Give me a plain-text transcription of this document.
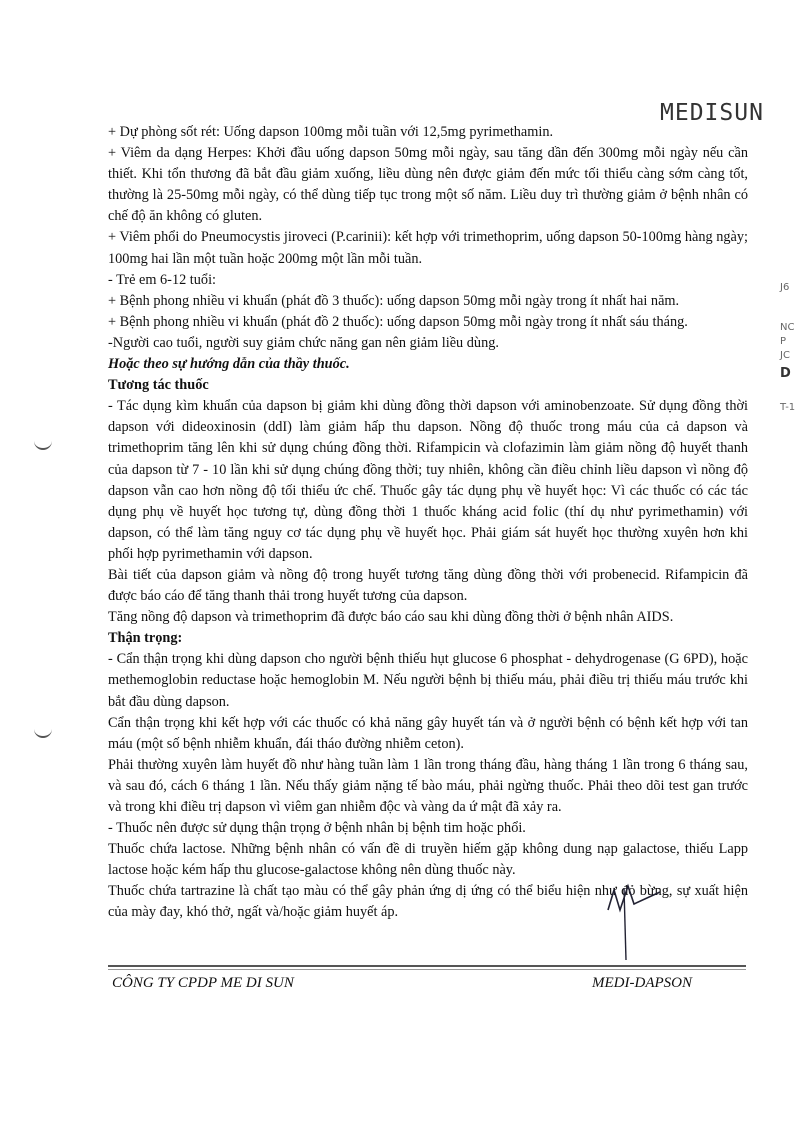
MEDISUN

+ Dự phòng sốt rét: Uống dapson 100mg mỗi tuần với 12,5mg pyrimethamin.

+ Viêm da dạng Herpes: Khởi đầu uống dapson 50mg mỗi ngày, sau tăng dần đến 300mg mỗi ngày nếu cần thiết. Khi tổn thương đã bắt đầu giảm xuống, liều dùng nên được giảm đến mức tối thiểu càng sớm càng tốt, thường là 25-50mg mỗi ngày, có thể dùng tiếp tục trong một số năm. Liều duy trì thường giảm ở bệnh nhân có chế độ ăn không có gluten.

+ Viêm phổi do Pneumocystis jiroveci (P.carinii): kết hợp với trimethoprim, uống dapson 50-100mg hàng ngày; 100mg hai lần một tuần hoặc 200mg một lần mỗi tuần.

- Trẻ em 6-12 tuổi:

+ Bệnh phong nhiều vi khuẩn (phát đồ 3 thuốc): uống dapson 50mg mỗi ngày trong ít nhất hai năm.

+ Bệnh phong nhiều vi khuẩn (phát đồ 2 thuốc): uống dapson 50mg mỗi ngày trong ít nhất sáu tháng.

-Người cao tuổi, người suy giảm chức năng gan nên giảm liều dùng.

Hoặc theo sự hướng dẫn của thầy thuốc.

Tương tác thuốc

- Tác dụng kìm khuẩn của dapson bị giảm khi dùng đồng thời dapson với aminobenzoate. Sử dụng đồng thời dapson với dideoxinosin (ddI) làm giảm hấp thu dapson. Nồng độ thuốc trong máu của cả dapson và trimethoprim tăng lên khi sử dụng chúng đồng thời. Rifampicin và clofazimin làm giảm nồng độ huyết thanh của dapson từ 7 - 10 lần khi sử dụng chúng đồng thời; tuy nhiên, không cần điều chỉnh liều dapson vì nồng độ dapson vẫn cao hơn nồng độ tối thiểu ức chế. Thuốc gây tác dụng phụ về huyết học: Vì các thuốc có các tác dụng phụ về huyết học tương tự, dùng đồng thời 1 thuốc kháng acid folic (thí dụ như pyrimethamin) với dapson, có thể làm tăng nguy cơ tác dụng phụ về huyết học. Phải giám sát huyết học thường xuyên hơn khi phối hợp pyrimethamin với dapson.

Bài tiết của dapson giảm và nồng độ trong huyết tương tăng dùng đồng thời với probenecid. Rifampicin đã được báo cáo để tăng thanh thải trong huyết tương của dapson.

Tăng nồng độ dapson và trimethoprim đã được báo cáo sau khi dùng đồng thời ở bệnh nhân AIDS.

Thận trọng:

- Cẩn thận trọng khi dùng dapson cho người bệnh thiếu hụt glucose 6 phosphat - dehydrogenase (G 6PD), hoặc methemoglobin reductase hoặc hemoglobin M. Nếu người bệnh bị thiếu máu, phải điều trị thiếu máu trước khi bắt đầu dùng dapson.

Cẩn thận trọng khi kết hợp với các thuốc có khả năng gây huyết tán và ở người bệnh có bệnh kết hợp với tan máu (một số bệnh nhiễm khuẩn, đái tháo đường nhiễm ceton).

Phải thường xuyên làm huyết đồ như hàng tuần làm 1 lần trong tháng đầu, hàng tháng 1 lần trong 6 tháng sau, và sau đó, cách 6 tháng 1 lần. Nếu thấy giảm nặng tế bào máu, phải ngừng thuốc. Phải theo dõi test gan trước và trong khi điều trị dapson vì viêm gan nhiễm độc và vàng da ứ mật đã xảy ra.

- Thuốc nên được sử dụng thận trọng ở bệnh nhân bị bệnh tim hoặc phổi.

Thuốc chứa lactose. Những bệnh nhân có vấn đề di truyền hiếm gặp không dung nạp galactose, thiếu Lapp lactose hoặc kém hấp thu glucose-galactose không nên dùng thuốc này.

Thuốc chứa tartrazine là chất tạo màu có thể gây phản ứng dị ứng có thể biểu hiện như đỏ bừng, sự xuất hiện của mày đay, khó thở, ngất và/hoặc giảm huyết áp.

CÔNG TY CPDP ME DI SUN	MEDI-DAPSON
J6
NC
P
JC
D
T-1
